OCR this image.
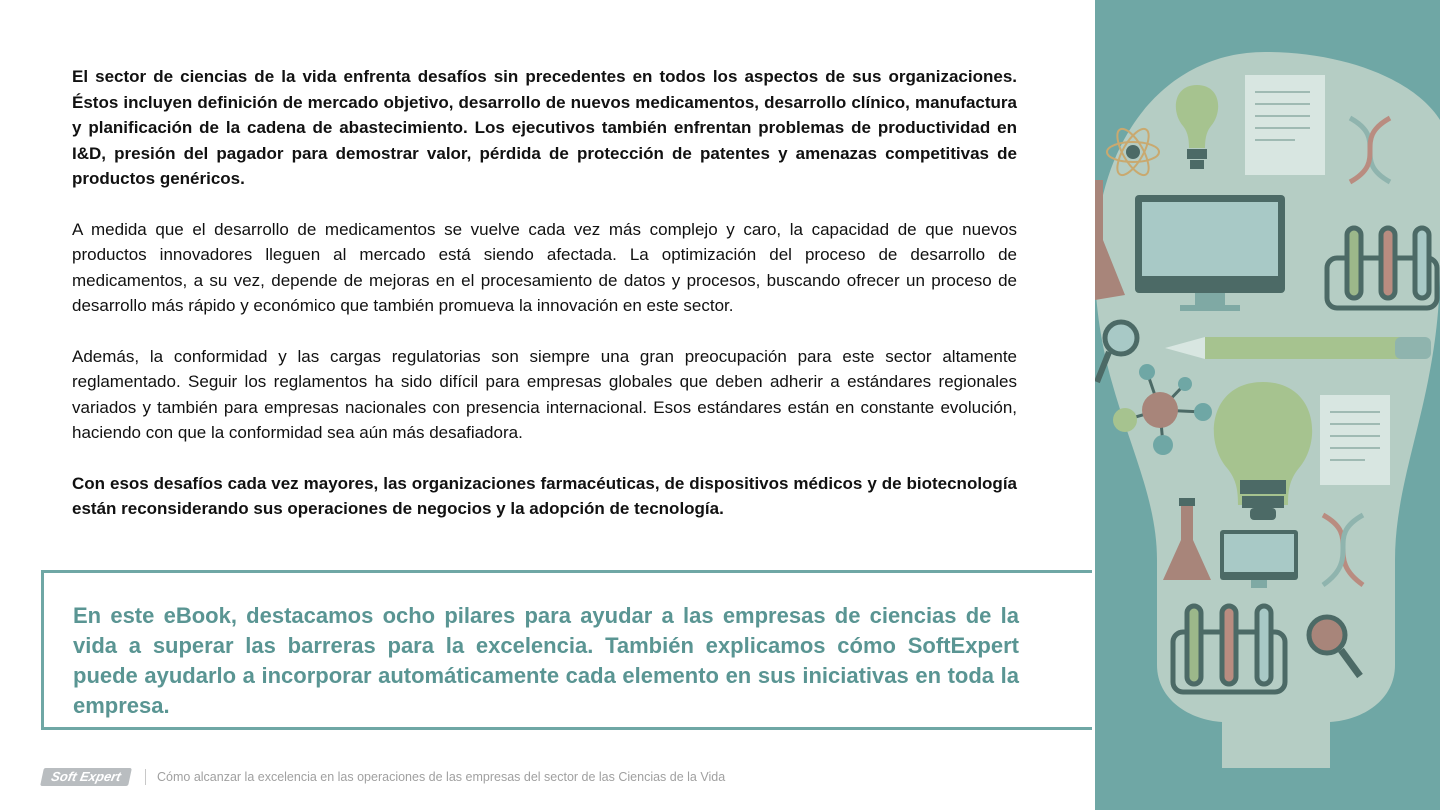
El sector de ciencias de la vida enfrenta desafíos sin precedentes en todos los aspectos de sus organizaciones. Éstos incluyen definición de mercado objetivo, desarrollo de nuevos medicamentos, desarrollo clínico, manufactura y planificación de la cadena de abastecimiento. Los ejecutivos también enfrentan problemas de productividad en I&D, presión del pagador para demostrar valor, pérdida de protección de patentes y amenazas competitivas de productos genéricos.

A medida que el desarrollo de medicamentos se vuelve cada vez más complejo y caro, la capacidad de que nuevos productos innovadores lleguen al mercado está siendo afectada. La optimización del proceso de desarrollo de medicamentos, a su vez, depende de mejoras en el procesamiento de datos y procesos, buscando ofrecer un proceso de desarrollo más rápido y económico que también promueva la innovación en este sector.

Además, la conformidad y las cargas regulatorias son siempre una gran preocupación para este sector altamente reglamentado. Seguir los reglamentos ha sido difícil para empresas globales que deben adherir a estándares regionales variados y también para empresas nacionales con presencia internacional. Esos estándares están en constante evolución, haciendo con que la conformidad sea aún más desafiadora.

Con esos desafíos cada vez mayores, las organizaciones farmacéuticas, de dispositivos médicos y de biotecnología están reconsiderando sus operaciones de negocios y la adopción de tecnología.

En este eBook, destacamos ocho pilares para ayudar a las empresas de ciencias de la vida a superar las barreras para la excelencia. También explicamos cómo SoftExpert puede ayudarlo a incorporar automáticamente cada elemento en sus iniciativas en toda la empresa.

Soft Expert	Cómo alcanzar la excelencia en las operaciones de las empresas del sector de las Ciencias de la Vida
